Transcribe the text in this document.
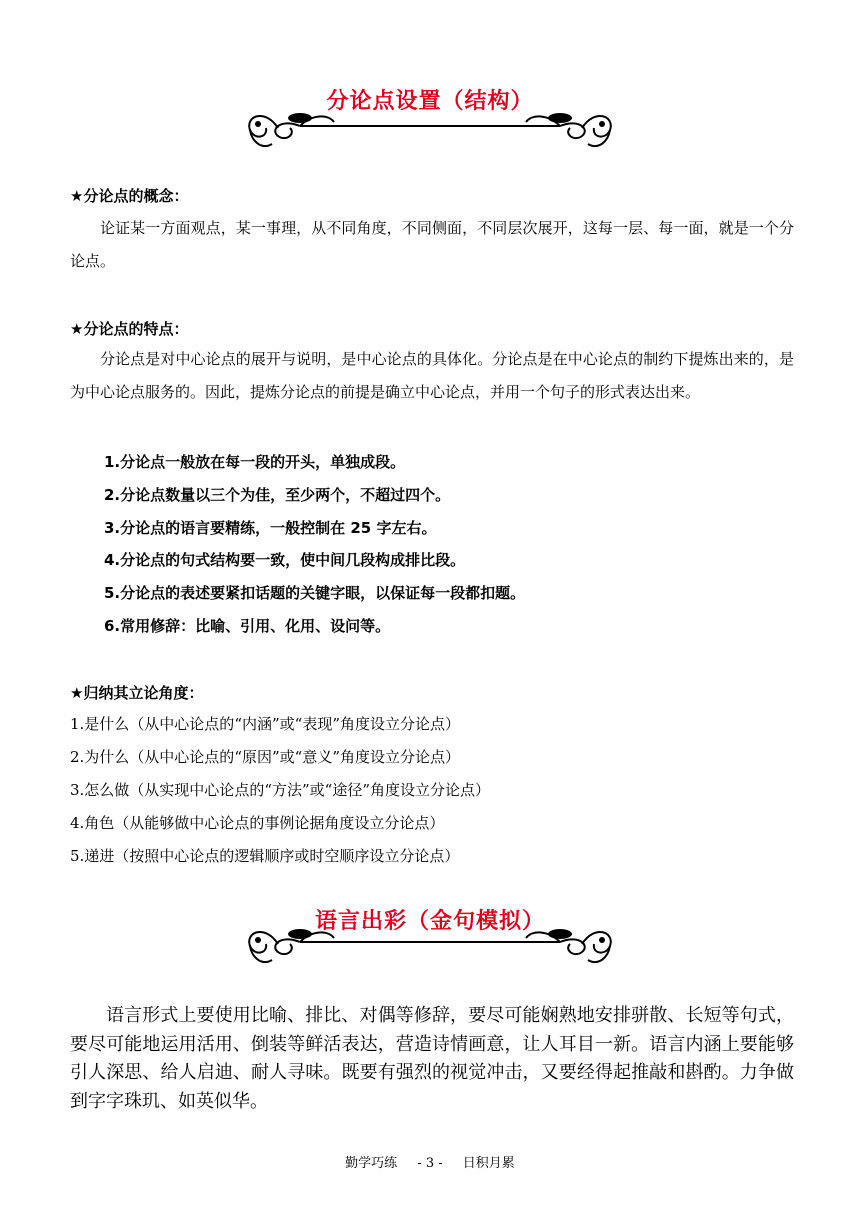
分论点设置（结构）
★分论点的概念：

论证某一方面观点，某一事理，从不同角度，不同侧面，不同层次展开，这每一层、每一面，就是一个分论点。

★分论点的特点：

分论点是对中心论点的展开与说明，是中心论点的具体化。分论点是在中心论点的制约下提炼出来的，是为中心论点服务的。因此，提炼分论点的前提是确立中心论点，并用一个句子的形式表达出来。

1.分论点一般放在每一段的开头，单独成段。
2.分论点数量以三个为佳，至少两个，不超过四个。
3.分论点的语言要精练，一般控制在 25 字左右。
4.分论点的句式结构要一致，使中间几段构成排比段。
5.分论点的表述要紧扣话题的关键字眼，以保证每一段都扣题。
6.常用修辞：比喻、引用、化用、设问等。
★归纳其立论角度：
1.是什么（从中心论点的“内涵”或“表现”角度设立分论点）
2.为什么（从中心论点的“原因”或“意义”角度设立分论点）
3.怎么做（从实现中心论点的“方法”或“途径”角度设立分论点）
4.角色（从能够做中心论点的事例论据角度设立分论点）
5.递进（按照中心论点的逻辑顺序或时空顺序设立分论点）
语言出彩（金句模拟）

语言形式上要使用比喻、排比、对偶等修辞，要尽可能娴熟地安排骈散、长短等句式，要尽可能地运用活用、倒装等鲜活表达，营造诗情画意，让人耳目一新。语言内涵上要能够引人深思、给人启迪、耐人寻味。既要有强烈的视觉冲击，又要经得起推敲和斟酌。力争做到字字珠玑、如英似华。

勤学巧练 - 3 - 日积月累
